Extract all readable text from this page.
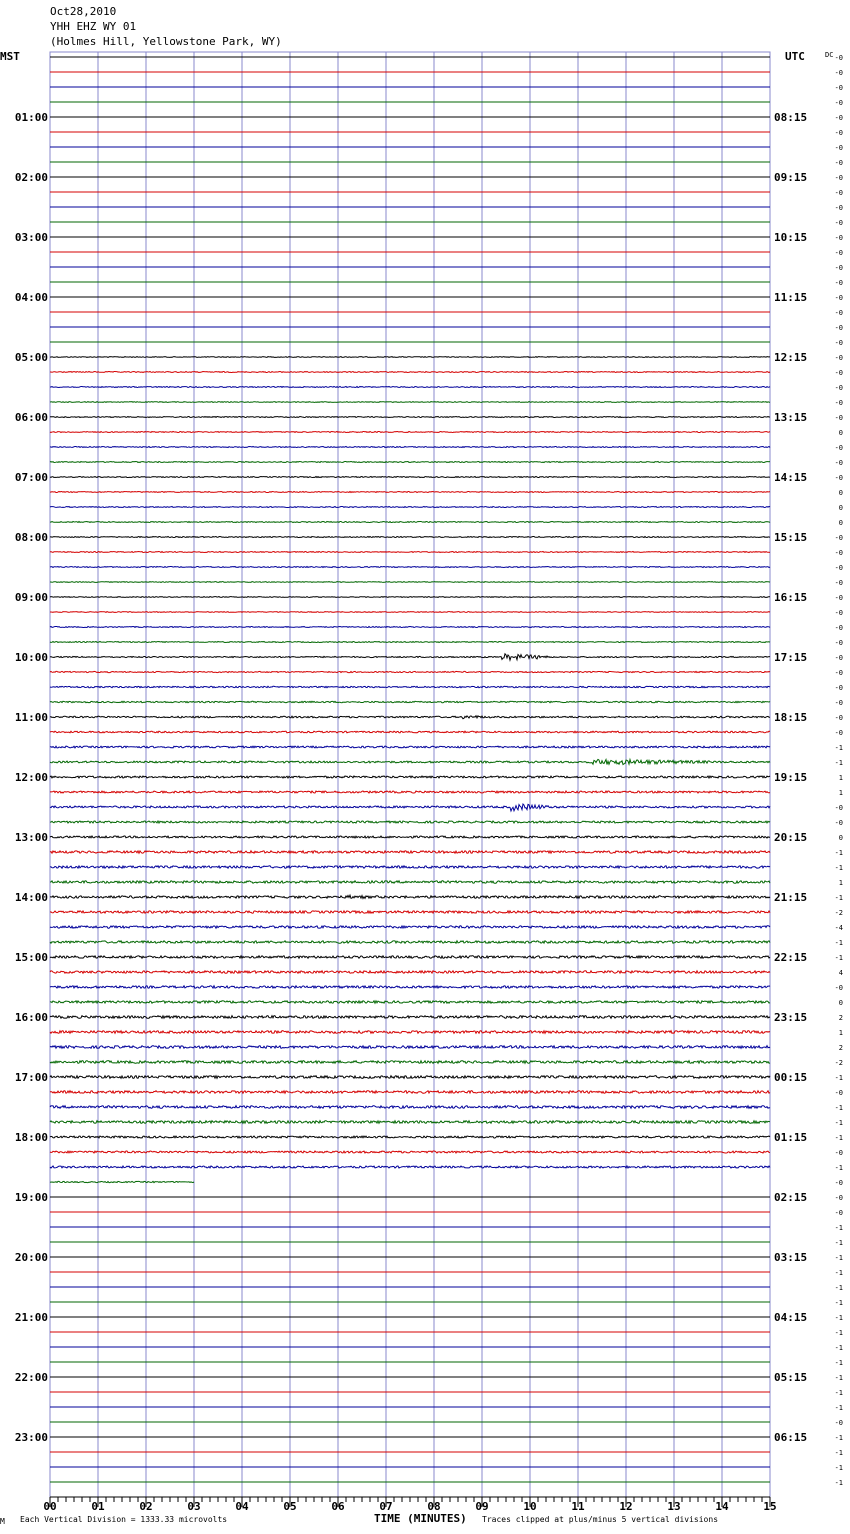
Oct28,2010
YHH EHZ WY 01
(Holmes Hill, Yellowstone Park, WY)
MST	UTC	DC
00	01	02	03	04	05	06	07	08	09	10	11	12	13	14	15
-0
-0
-0
-0
-0
-0
-0
-0
-0
-0
-0
-0
-0
-0
-0
-0
-0
-0
-0
-0
-0
-0
-0
-0
-0
0
-0
-0
-0
0
0
0
-0
-0
-0
-0
-0
-0
-0
-0
-0
-0
-0
-0
-0
-0
-1
-1
1
1
-0
-0
0
-1
-1
1
-1
-2
-4
-1
-1
4
-0
0
2
1
2
-2
-1
-0
-1
-1
-1
-0
-1
-0
-0
-0
-1
-1
-1
-1
-1
-1
-1
-1
-1
-1
-1
-1
-1
-0
-1
-1
-1
-1
01:00
02:00
03:00
04:00
05:00
06:00
07:00
08:00
09:00
10:00
11:00
12:00
13:00
14:00
15:00
16:00
17:00
18:00
19:00
20:00
21:00
22:00
23:00
08:15
09:15
10:15
11:15
12:15
13:15
14:15
15:15
16:15
17:15
18:15
19:15
20:15
21:15
22:15
23:15
00:15
01:15
02:15
03:15
04:15
05:15
06:15
M Each Vertical Division = 1333.33 microvolts	TIME (MINUTES) Traces clipped at plus/minus 5 vertical divisions
